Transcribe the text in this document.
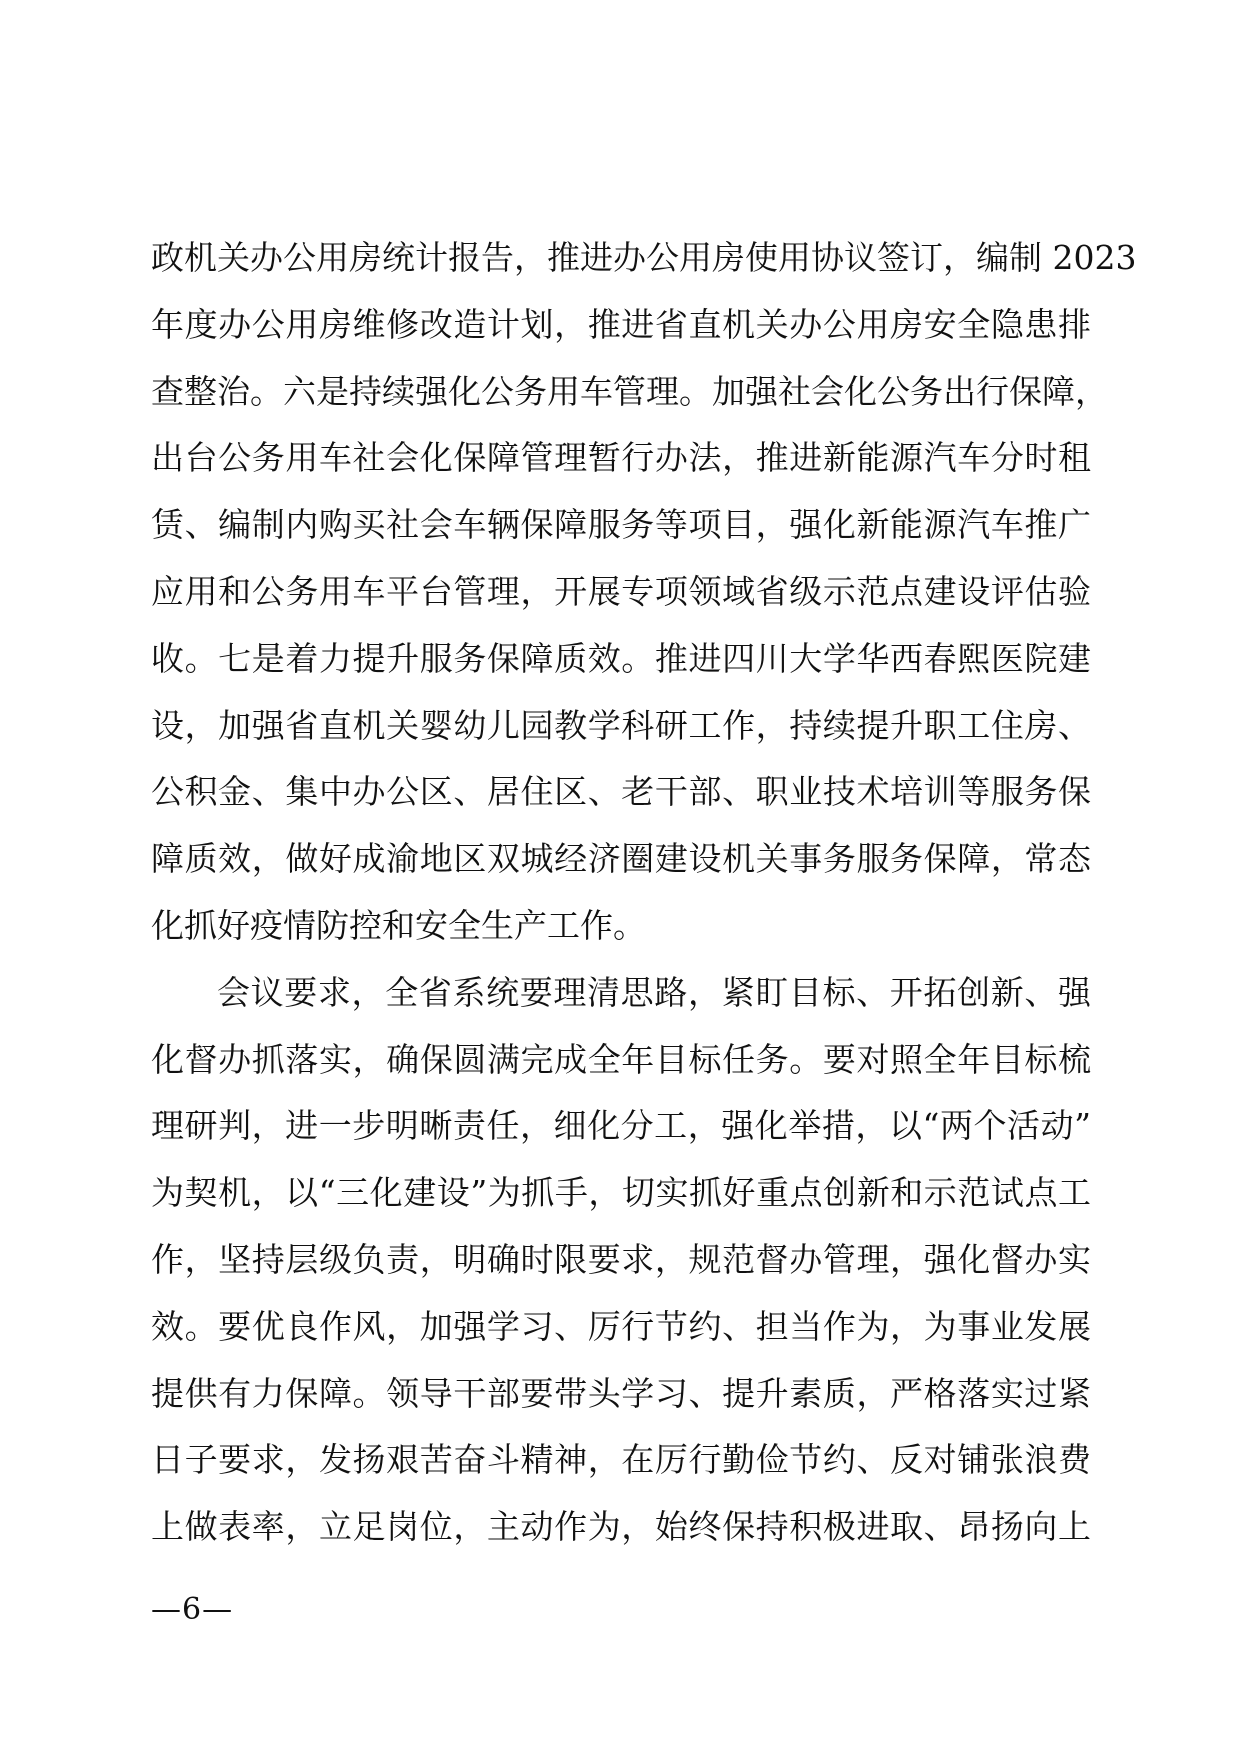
政机关办公用房统计报告，推进办公用房使用协议签订，编制 2023
年度办公用房维修改造计划，推进省直机关办公用房安全隐患排
查整治。六是持续强化公务用车管理。加强社会化公务出行保障，
出台公务用车社会化保障管理暂行办法，推进新能源汽车分时租
赁、编制内购买社会车辆保障服务等项目，强化新能源汽车推广
应用和公务用车平台管理，开展专项领域省级示范点建设评估验
收。七是着力提升服务保障质效。推进四川大学华西春熙医院建
设，加强省直机关婴幼儿园教学科研工作，持续提升职工住房、
公积金、集中办公区、居住区、老干部、职业技术培训等服务保
障质效，做好成渝地区双城经济圈建设机关事务服务保障，常态
化抓好疫情防控和安全生产工作。
会议要求，全省系统要理清思路，紧盯目标、开拓创新、强
化督办抓落实，确保圆满完成全年目标任务。要对照全年目标梳
理研判，进一步明晰责任，细化分工，强化举措，以“两个活动”
为契机，以“三化建设”为抓手，切实抓好重点创新和示范试点工
作，坚持层级负责，明确时限要求，规范督办管理，强化督办实
效。要优良作风，加强学习、厉行节约、担当作为，为事业发展
提供有力保障。领导干部要带头学习、提升素质，严格落实过紧
日子要求，发扬艰苦奋斗精神，在厉行勤俭节约、反对铺张浪费
上做表率，立足岗位，主动作为，始终保持积极进取、昂扬向上
—6—
